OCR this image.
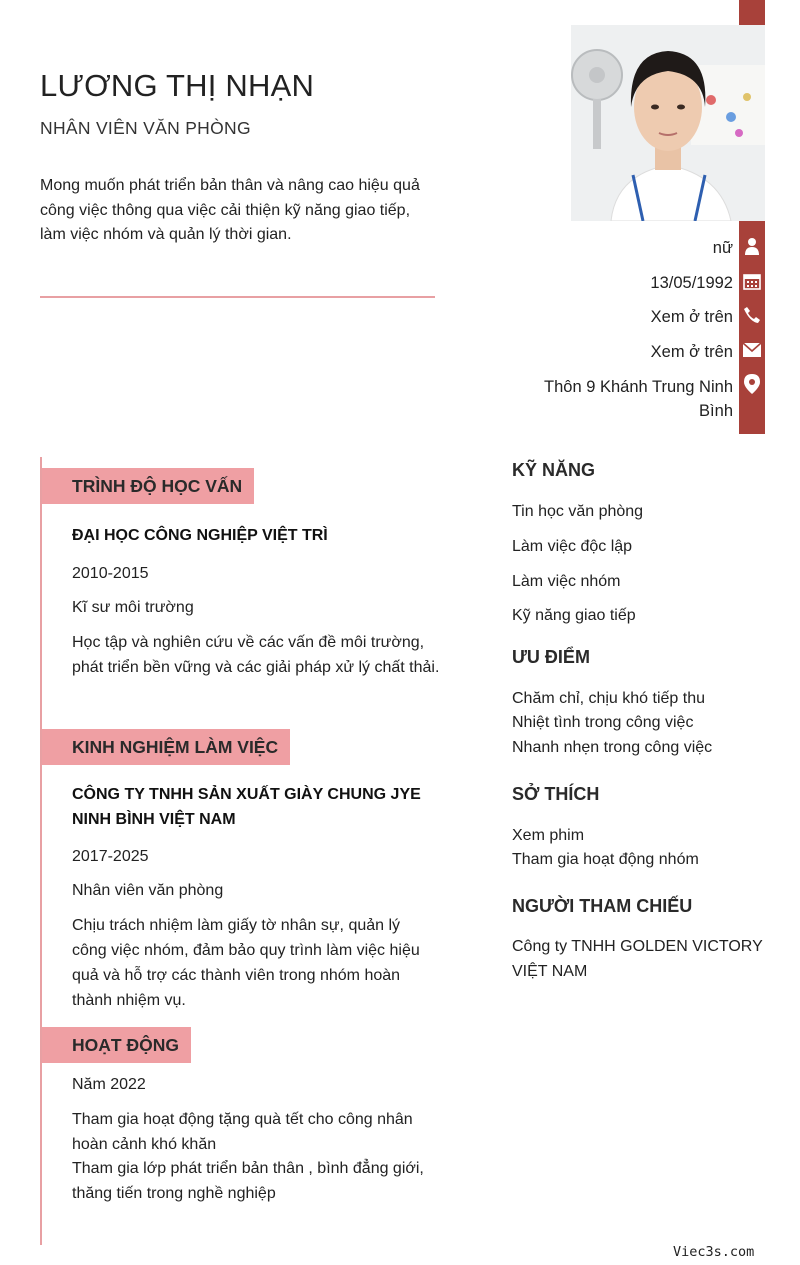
LƯƠNG THỊ NHẠN
NHÂN VIÊN VĂN PHÒNG

Mong muốn phát triển bản thân và nâng cao hiệu quả công việc thông qua việc cải thiện kỹ năng giao tiếp, làm việc nhóm và quản lý thời gian.

nữ
13/05/1992
Xem ở trên
Xem ở trên
Thôn 9 Khánh Trung Ninh
Bình
TRÌNH ĐỘ HỌC VẤN
ĐẠI HỌC CÔNG NGHIỆP VIỆT TRÌ
2010-2015
Kĩ sư môi trường
Học tập và nghiên cứu về các vấn đề môi trường, phát triển bền vững và các giải pháp xử lý chất thải.
KINH NGHIỆM LÀM VIỆC
CÔNG TY TNHH SẢN XUẤT GIÀY CHUNG JYE NINH BÌNH VIỆT NAM
2017-2025
Nhân viên văn phòng
Chịu trách nhiệm làm giấy tờ nhân sự, quản lý công việc nhóm, đảm bảo quy trình làm việc hiệu quả và hỗ trợ các thành viên trong nhóm hoàn thành nhiệm vụ.
HOẠT ĐỘNG
Năm 2022
Tham gia hoạt động tặng quà tết cho công nhân hoàn cảnh khó khăn
Tham gia lớp phát triển bản thân , bình đẳng giới, thăng tiến trong nghề nghiệp
KỸ NĂNG
Tin học văn phòng
Làm việc độc lập
Làm việc nhóm
Kỹ năng giao tiếp
ƯU ĐIỂM
Chăm chỉ, chịu khó tiếp thu
Nhiệt tình trong công việc
Nhanh nhẹn trong công việc
SỞ THÍCH
Xem phim
Tham gia hoạt động nhóm
NGƯỜI THAM CHIẾU
Công ty TNHH GOLDEN VICTORY VIỆT NAM
Viec3s.com
